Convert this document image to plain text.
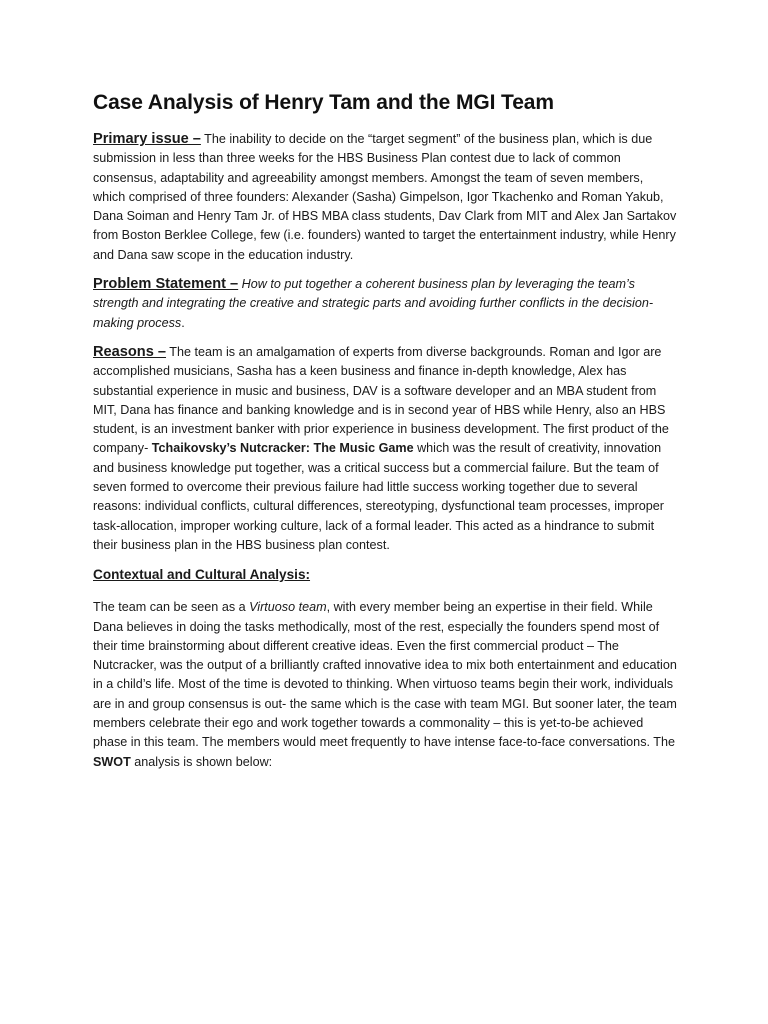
Case Analysis of Henry Tam and the MGI Team

Primary issue – The inability to decide on the “target segment” of the business plan, which is due submission in less than three weeks for the HBS Business Plan contest due to lack of common consensus, adaptability and agreeability amongst members. Amongst the team of seven members, which comprised of three founders: Alexander (Sasha) Gimpelson, Igor Tkachenko and Roman Yakub, Dana Soiman and Henry Tam Jr. of HBS MBA class students, Dav Clark from MIT and Alex Jan Sartakov from Boston Berklee College, few (i.e. founders) wanted to target the entertainment industry, while Henry and Dana saw scope in the education industry.

Problem Statement – How to put together a coherent business plan by leveraging the team’s strength and integrating the creative and strategic parts and avoiding further conflicts in the decision-making process.

Reasons – The team is an amalgamation of experts from diverse backgrounds. Roman and Igor are accomplished musicians, Sasha has a keen business and finance in-depth knowledge, Alex has substantial experience in music and business, DAV is a software developer and an MBA student from MIT, Dana has finance and banking knowledge and is in second year of HBS while Henry, also an HBS student, is an investment banker with prior experience in business development. The first product of the company- Tchaikovsky’s Nutcracker: The Music Game which was the result of creativity, innovation and business knowledge put together, was a critical success but a commercial failure. But the team of seven formed to overcome their previous failure had little success working together due to several reasons: individual conflicts, cultural differences, stereotyping, dysfunctional team processes, improper task-allocation, improper working culture, lack of a formal leader. This acted as a hindrance to submit their business plan in the HBS business plan contest.

Contextual and Cultural Analysis:

The team can be seen as a Virtuoso team, with every member being an expertise in their field. While Dana believes in doing the tasks methodically, most of the rest, especially the founders spend most of their time brainstorming about different creative ideas. Even the first commercial product – The Nutcracker, was the output of a brilliantly crafted innovative idea to mix both entertainment and education in a child’s life. Most of the time is devoted to thinking. When virtuoso teams begin their work, individuals are in and group consensus is out- the same which is the case with team MGI. But sooner later, the team members celebrate their ego and work together towards a commonality – this is yet-to-be achieved phase in this team. The members would meet frequently to have intense face-to-face conversations. The SWOT analysis is shown below:
